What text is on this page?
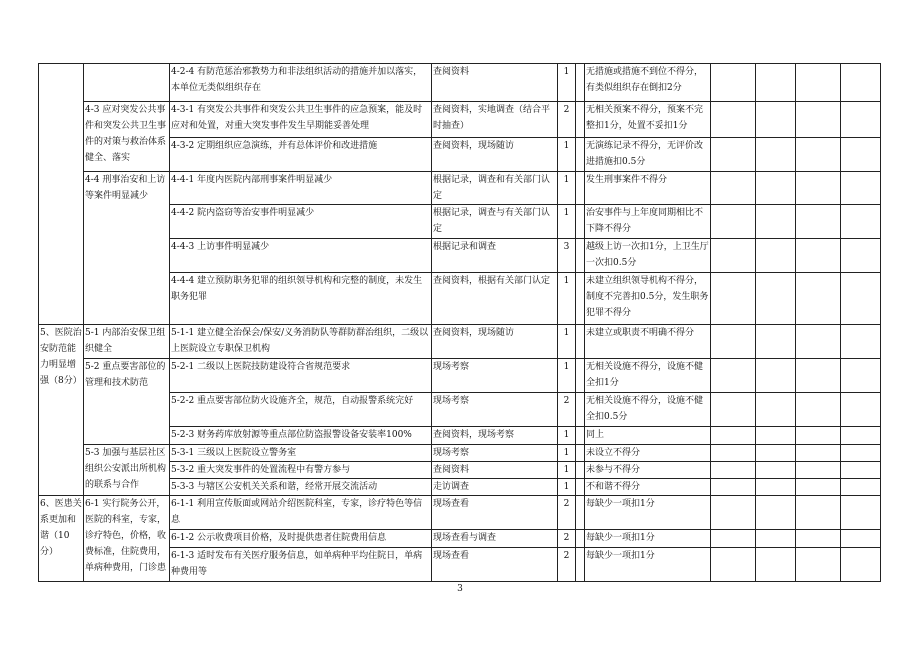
		4-2-4 有防范惩治邪教势力和非法组织活动的措施并加以落实，本单位无类似组织存在	查阅资料	1		无措施或措施不到位不得分，有类似组织存在倒扣2分				
	4-3 应对突发公共事件和突发公共卫生事件的对策与救治体系健全、落实	4-3-1 有突发公共事件和突发公共卫生事件的应急预案，能及时应对和处置，对重大突发事件发生早期能妥善处理	查阅资料，实地调查（结合平时抽查）	2		无相关预案不得分，预案不完整扣1分，处置不妥扣1分				
		4-3-2 定期组织应急演练，并有总体评价和改进措施	查阅资料，现场随访	1		无演练记录不得分，无评价改进措施扣0.5分				
	4-4 刑事治安和上访等案件明显减少	4-4-1 年度内医院内部刑事案件明显减少	根据记录，调查和有关部门认定	1		发生刑事案件不得分				
		4-4-2 院内盗窃等治安事件明显减少	根据记录，调查与有关部门认定	1		治安事件与上年度同期相比不下降不得分				
		4-4-3 上访事件明显减少	根据记录和调查	3		越级上访一次扣1分，上卫生厅一次扣0.5分				
		4-4-4 建立预防职务犯罪的组织领导机构和完整的制度，未发生职务犯罪	查阅资料，根据有关部门认定	1		未建立组织领导机构不得分，制度不完善扣0.5分，发生职务犯罪不得分				
5、医院治安防范能力明显增强（8分）	5-1 内部治安保卫组织健全	5-1-1 建立健全治保会/保安/义务消防队等群防群治组织，二级以上医院设立专职保卫机构	查阅资料，现场随访	1		未建立或职责不明确不得分				
	5-2 重点要害部位的管理和技术防范	5-2-1 二级以上医院技防建设符合省规范要求	现场考察	1		无相关设施不得分，设施不健全扣1分				
		5-2-2 重点要害部位防火设施齐全，规范，自动报警系统完好	现场考察	2		无相关设施不得分，设施不健全扣0.5分				
		5-2-3 财务药库放射源等重点部位防盗报警设备安装率100%	查阅资料，现场考察	1		同上				
	5-3 加强与基层社区组织公安派出所机构的联系与合作	5-3-1 三级以上医院设立警务室	现场考察	1		未设立不得分				
		5-3-2 重大突发事件的处置流程中有警方参与	查阅资料	1		未参与不得分				
		5-3-3 与辖区公安机关关系和谐，经常开展交流活动	走访调查	1		不和谐不得分				
6、医患关系更加和谐（10分）	6-1 实行院务公开，医院的科室，专家，诊疗特色，价格，收费标准，住院费用，单病种费用，门诊患	6-1-1 利用宣传版面或网站介绍医院科室，专家，诊疗特色等信息	现场查看	2		每缺少一项扣1分				
		6-1-2 公示收费项目价格，及时提供患者住院费用信息	现场查看与调查	2		每缺少一项扣1分				
		6-1-3 适时发布有关医疗服务信息，如单病种平均住院日，单病种费用等	现场查看	2		每缺少一项扣1分				
3
